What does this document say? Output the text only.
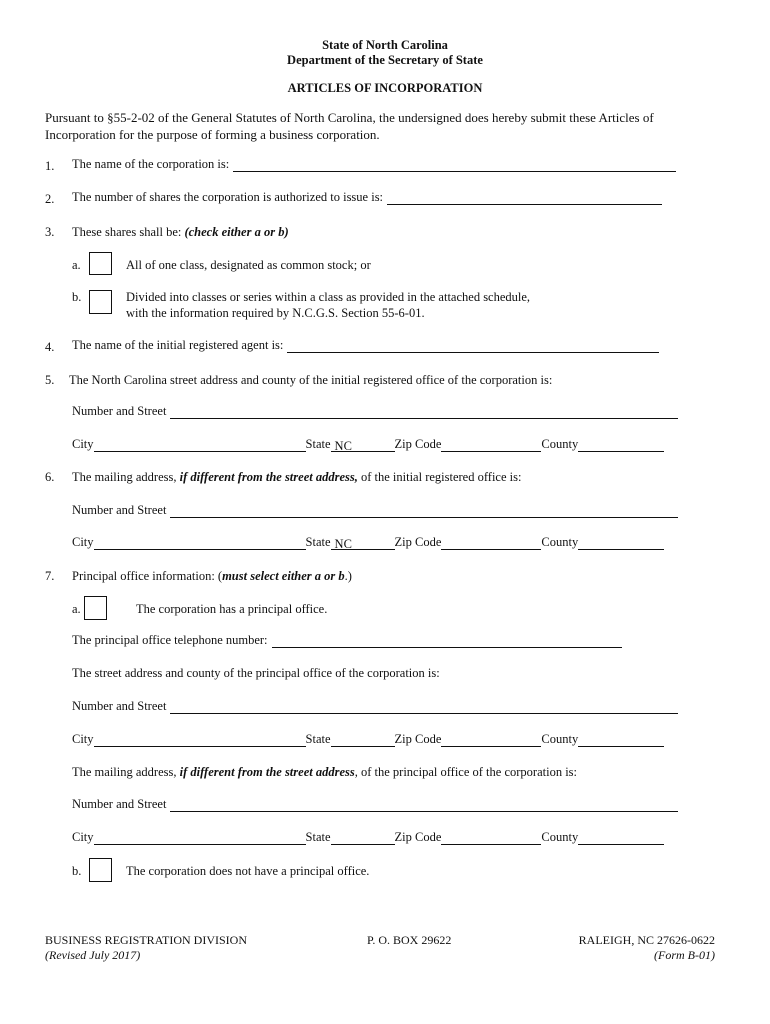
State of North Carolina
Department of the Secretary of State
ARTICLES OF INCORPORATION
Pursuant to §55-2-02 of the General Statutes of North Carolina, the undersigned does hereby submit these Articles of
Incorporation for the purpose of forming a business corporation.
1. The name of the corporation is:
2. The number of shares the corporation is authorized to issue is:
3. These shares shall be: (check either a or b)
a.	All of one class, designated as common stock; or
b.	Divided into classes or series within a class as provided in the attached schedule,
with the information required by N.C.G.S. Section 55-6-01.
4. The name of the initial registered agent is:
5. The North Carolina street address and county of the initial registered office of the corporation is:
Number and Street
City	State NC	Zip Code	County
6. The mailing address, if different from the street address, of the initial registered office is:
Number and Street
City	State NC	Zip Code	County
7. Principal office information: (must select either a or b.)
a.	The corporation has a principal office.
The principal office telephone number:
The street address and county of the principal office of the corporation is:
Number and Street
City	State	Zip Code	County
The mailing address, if different from the street address, of the principal office of the corporation is:
Number and Street
City	State	Zip Code	County
b.	The corporation does not have a principal office.
BUSINESS REGISTRATION DIVISION
(Revised July 2017)
P. O. BOX 29622	RALEIGH, NC 27626-0622
(Form B-01)
